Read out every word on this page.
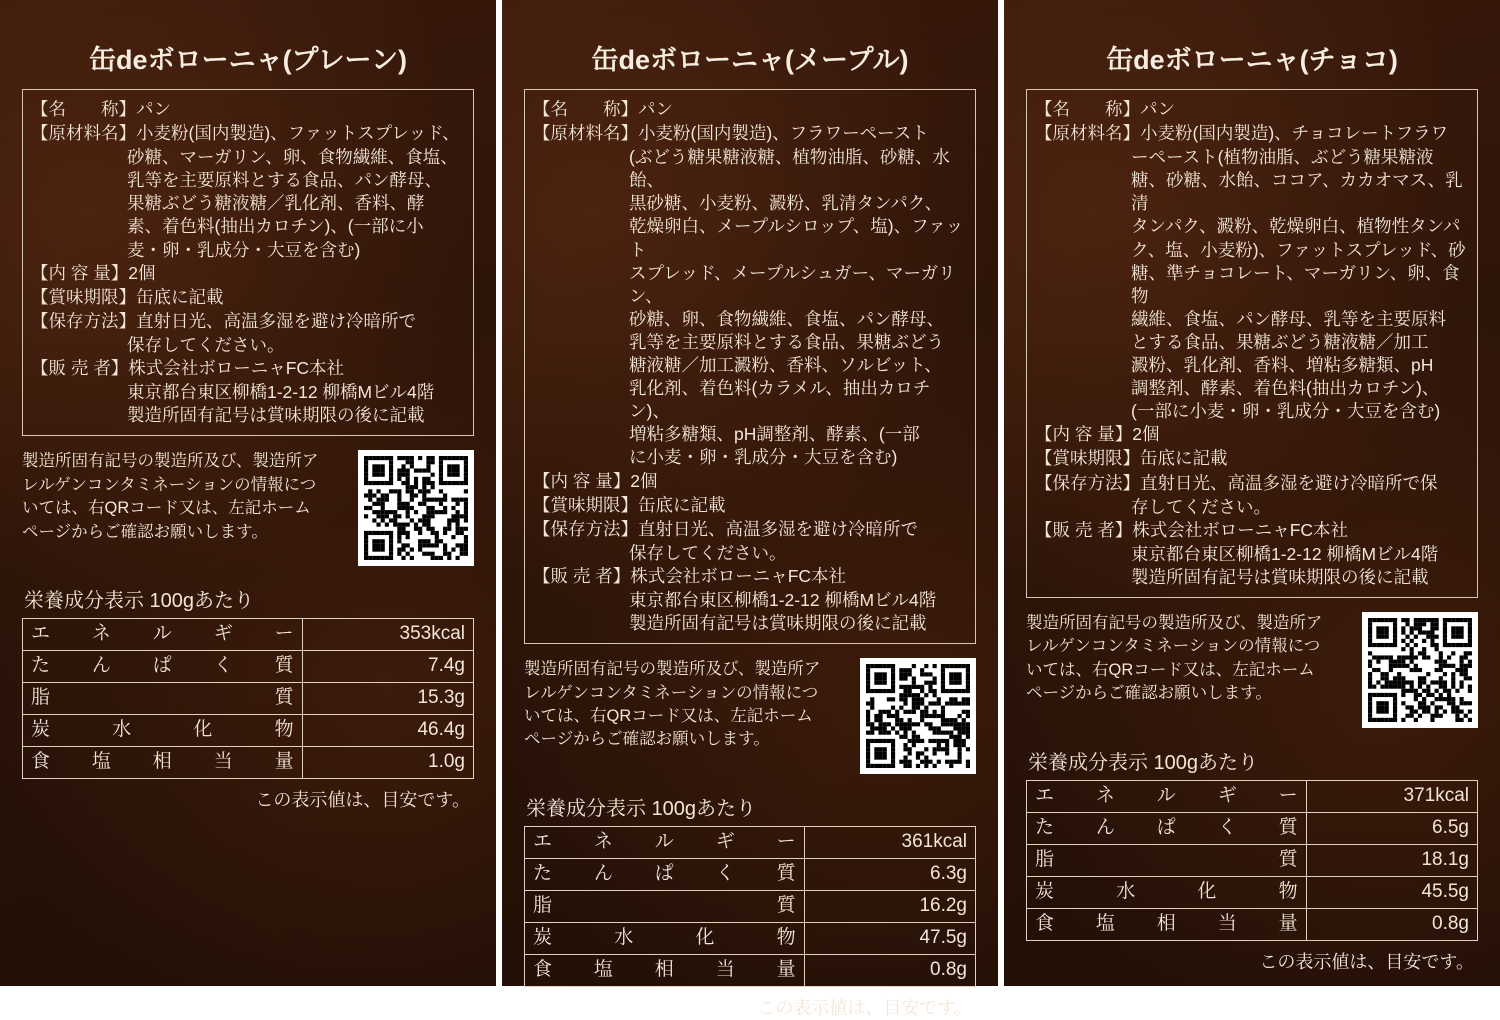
缶deボローニャ(プレーン)
【名　　称】 パン
【原材料名】 小麦粉(国内製造)、ファットスプレッド、
砂糖、マーガリン、卵、食物繊維、食塩、
乳等を主要原料とする食品、パン酵母、
果糖ぶどう糖液糖／乳化剤、香料、酵
素、着色料(抽出カロチン)、(一部に小
麦・卵・乳成分・大豆を含む)
【内 容 量】 2個
【賞味期限】 缶底に記載
【保存方法】 直射日光、高温多湿を避け冷暗所で
保存してください。
【販 売 者】 株式会社ボローニャFC本社
東京都台東区柳橋1-2-12 柳橋Mビル4階
製造所固有記号は賞味期限の後に記載
製造所固有記号の製造所及び、製造所アレルゲンコンタミネーションの情報については、右QRコード又は、左記ホームページからご確認お願いします。
栄養成分表示 100gあたり
エネルギー	353kcal
たんぱく質	7.4g
脂質	15.3g
炭水化物	46.4g
食塩相当量	1.0g
この表示値は、目安です。
缶deボローニャ(メープル)
【名　　称】 パン
【原材料名】 小麦粉(国内製造)、フラワーペースト
(ぶどう糖果糖液糖、植物油脂、砂糖、水飴、
黒砂糖、小麦粉、澱粉、乳清タンパク、
乾燥卵白、メープルシロップ、塩)、ファット
スプレッド、メープルシュガー、マーガリン、
砂糖、卵、食物繊維、食塩、パン酵母、
乳等を主要原料とする食品、果糖ぶどう
糖液糖／加工澱粉、香料、ソルビット、
乳化剤、着色料(カラメル、抽出カロチン)、
増粘多糖類、pH調整剤、酵素、(一部
に小麦・卵・乳成分・大豆を含む)
【内 容 量】 2個
【賞味期限】 缶底に記載
【保存方法】 直射日光、高温多湿を避け冷暗所で
保存してください。
【販 売 者】 株式会社ボローニャFC本社
東京都台東区柳橋1-2-12 柳橋Mビル4階
製造所固有記号は賞味期限の後に記載
製造所固有記号の製造所及び、製造所アレルゲンコンタミネーションの情報については、右QRコード又は、左記ホームページからご確認お願いします。
栄養成分表示 100gあたり
エネルギー	361kcal
たんぱく質	6.3g
脂質	16.2g
炭水化物	47.5g
食塩相当量	0.8g
この表示値は、目安です。
缶deボローニャ(チョコ)
【名　　称】 パン
【原材料名】 小麦粉(国内製造)、チョコレートフラワ
ーペースト(植物油脂、ぶどう糖果糖液
糖、砂糖、水飴、ココア、カカオマス、乳清
タンパク、澱粉、乾燥卵白、植物性タンパ
ク、塩、小麦粉)、ファットスプレッド、砂
糖、準チョコレート、マーガリン、卵、食物
繊維、食塩、パン酵母、乳等を主要原料
とする食品、果糖ぶどう糖液糖／加工
澱粉、乳化剤、香料、増粘多糖類、pH
調整剤、酵素、着色料(抽出カロチン)、
(一部に小麦・卵・乳成分・大豆を含む)
【内 容 量】 2個
【賞味期限】 缶底に記載
【保存方法】 直射日光、高温多湿を避け冷暗所で保
存してください。
【販 売 者】 株式会社ボローニャFC本社
東京都台東区柳橋1-2-12 柳橋Mビル4階
製造所固有記号は賞味期限の後に記載
製造所固有記号の製造所及び、製造所アレルゲンコンタミネーションの情報については、右QRコード又は、左記ホームページからご確認お願いします。
栄養成分表示 100gあたり
エネルギー	371kcal
たんぱく質	6.5g
脂質	18.1g
炭水化物	45.5g
食塩相当量	0.8g
この表示値は、目安です。
